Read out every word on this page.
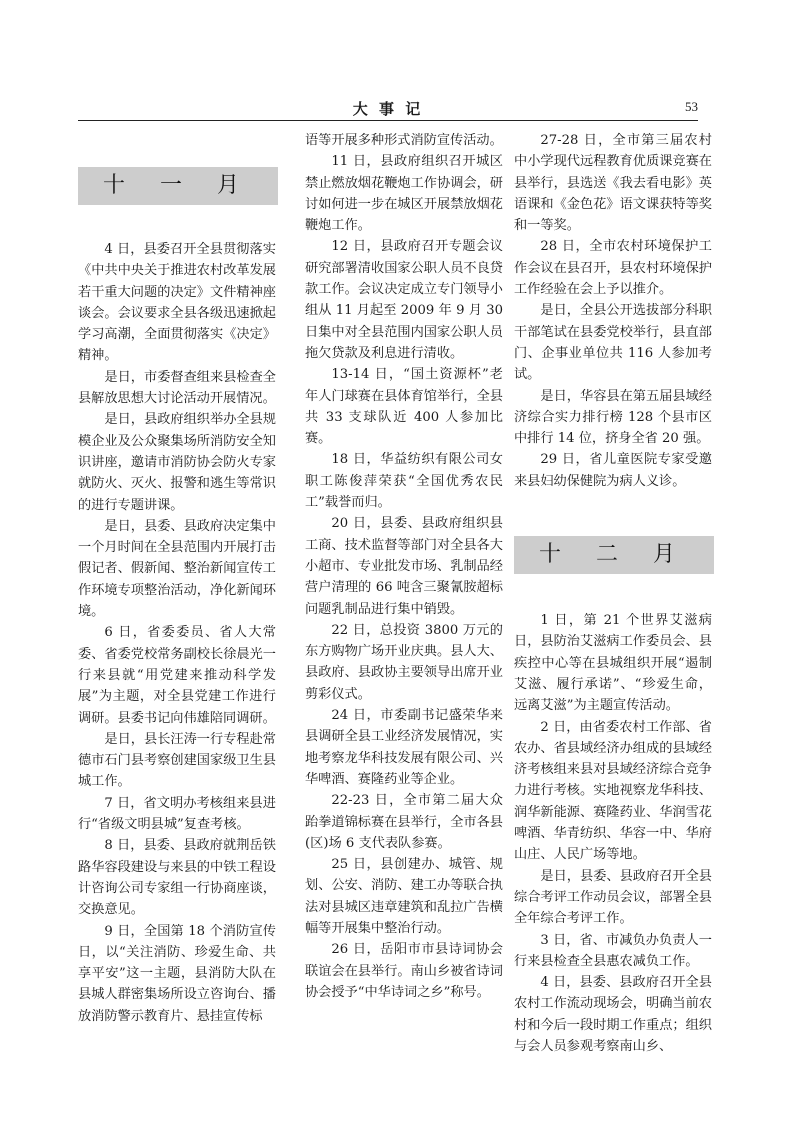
大 事 记	53
十 一 月

4 日，县委召开全县贯彻落实《中共中央关于推进农村改革发展若干重大问题的决定》文件精神座谈会。会议要求全县各级迅速掀起学习高潮，全面贯彻落实《决定》精神。

是日，市委督查组来县检查全县解放思想大讨论活动开展情况。

是日，县政府组织举办全县规模企业及公众聚集场所消防安全知识讲座，邀请市消防协会防火专家就防火、灭火、报警和逃生等常识的进行专题讲课。

是日，县委、县政府决定集中一个月时间在全县范围内开展打击假记者、假新闻、整治新闻宣传工作环境专项整治活动，净化新闻环境。

6 日，省委委员、省人大常委、省委党校常务副校长徐晨光一行来县就“用党建来推动科学发展”为主题，对全县党建工作进行调研。县委书记向伟雄陪同调研。

是日，县长汪涛一行专程赴常德市石门县考察创建国家级卫生县城工作。

7 日，省文明办考核组来县进行“省级文明县城”复查考核。

8 日，县委、县政府就荆岳铁路华容段建设与来县的中铁工程设计咨询公司专家组一行协商座谈，交换意见。

9 日，全国第 18 个消防宣传日，以“关注消防、珍爱生命、共享平安”这一主题，县消防大队在县城人群密集场所设立咨询台、播放消防警示教育片、悬挂宣传标

语等开展多种形式消防宣传活动。

11 日，县政府组织召开城区禁止燃放烟花鞭炮工作协调会，研讨如何进一步在城区开展禁放烟花鞭炮工作。

12 日，县政府召开专题会议研究部署清收国家公职人员不良贷款工作。会议决定成立专门领导小组从 11 月起至 2009 年 9 月 30 日集中对全县范围内国家公职人员拖欠贷款及利息进行清收。

13-14 日，“国土资源杯”老年人门球赛在县体育馆举行，全县共 33 支球队近 400 人参加比赛。

18 日，华益纺织有限公司女职工陈俊萍荣获“全国优秀农民工”载誉而归。

20 日，县委、县政府组织县工商、技术监督等部门对全县各大小超市、专业批发市场、乳制品经营户清理的 66 吨含三聚氰胺超标问题乳制品进行集中销毁。

22 日，总投资 3800 万元的东方购物广场开业庆典。县人大、县政府、县政协主要领导出席开业剪彩仪式。

24 日，市委副书记盛荣华来县调研全县工业经济发展情况，实地考察龙华科技发展有限公司、兴华啤酒、赛隆药业等企业。

22-23 日，全市第二届大众跆拳道锦标赛在县举行，全市各县(区)场 6 支代表队参赛。

25 日，县创建办、城管、规划、公安、消防、建工办等联合执法对县城区违章建筑和乱拉广告横幅等开展集中整治行动。

26 日，岳阳市市县诗词协会联谊会在县举行。南山乡被省诗词协会授予“中华诗词之乡”称号。

27-28 日，全市第三届农村中小学现代远程教育优质课竞赛在县举行，县选送《我去看电影》英语课和《金色花》语文课获特等奖和一等奖。

28 日，全市农村环境保护工作会议在县召开，县农村环境保护工作经验在会上予以推介。

是日，全县公开选拔部分科职干部笔试在县委党校举行，县直部门、企事业单位共 116 人参加考试。

是日，华容县在第五届县域经济综合实力排行榜 128 个县市区中排行 14 位，挤身全省 20 强。

29 日，省儿童医院专家受邀来县妇幼保健院为病人义诊。

十 二 月

1 日，第 21 个世界艾滋病日，县防治艾滋病工作委员会、县疾控中心等在县城组织开展“遏制艾滋、履行承诺”、“珍爱生命，远离艾滋”为主题宣传活动。

2 日，由省委农村工作部、省农办、省县域经济办组成的县域经济考核组来县对县域经济综合竞争力进行考核。实地视察龙华科技、润华新能源、赛隆药业、华润雪花啤酒、华青纺织、华容一中、华府山庄、人民广场等地。

是日，县委、县政府召开全县综合考评工作动员会议，部署全县全年综合考评工作。

3 日，省、市减负办负责人一行来县检查全县惠农减负工作。

4 日，县委、县政府召开全县农村工作流动现场会，明确当前农村和今后一段时期工作重点；组织与会人员参观考察南山乡、
